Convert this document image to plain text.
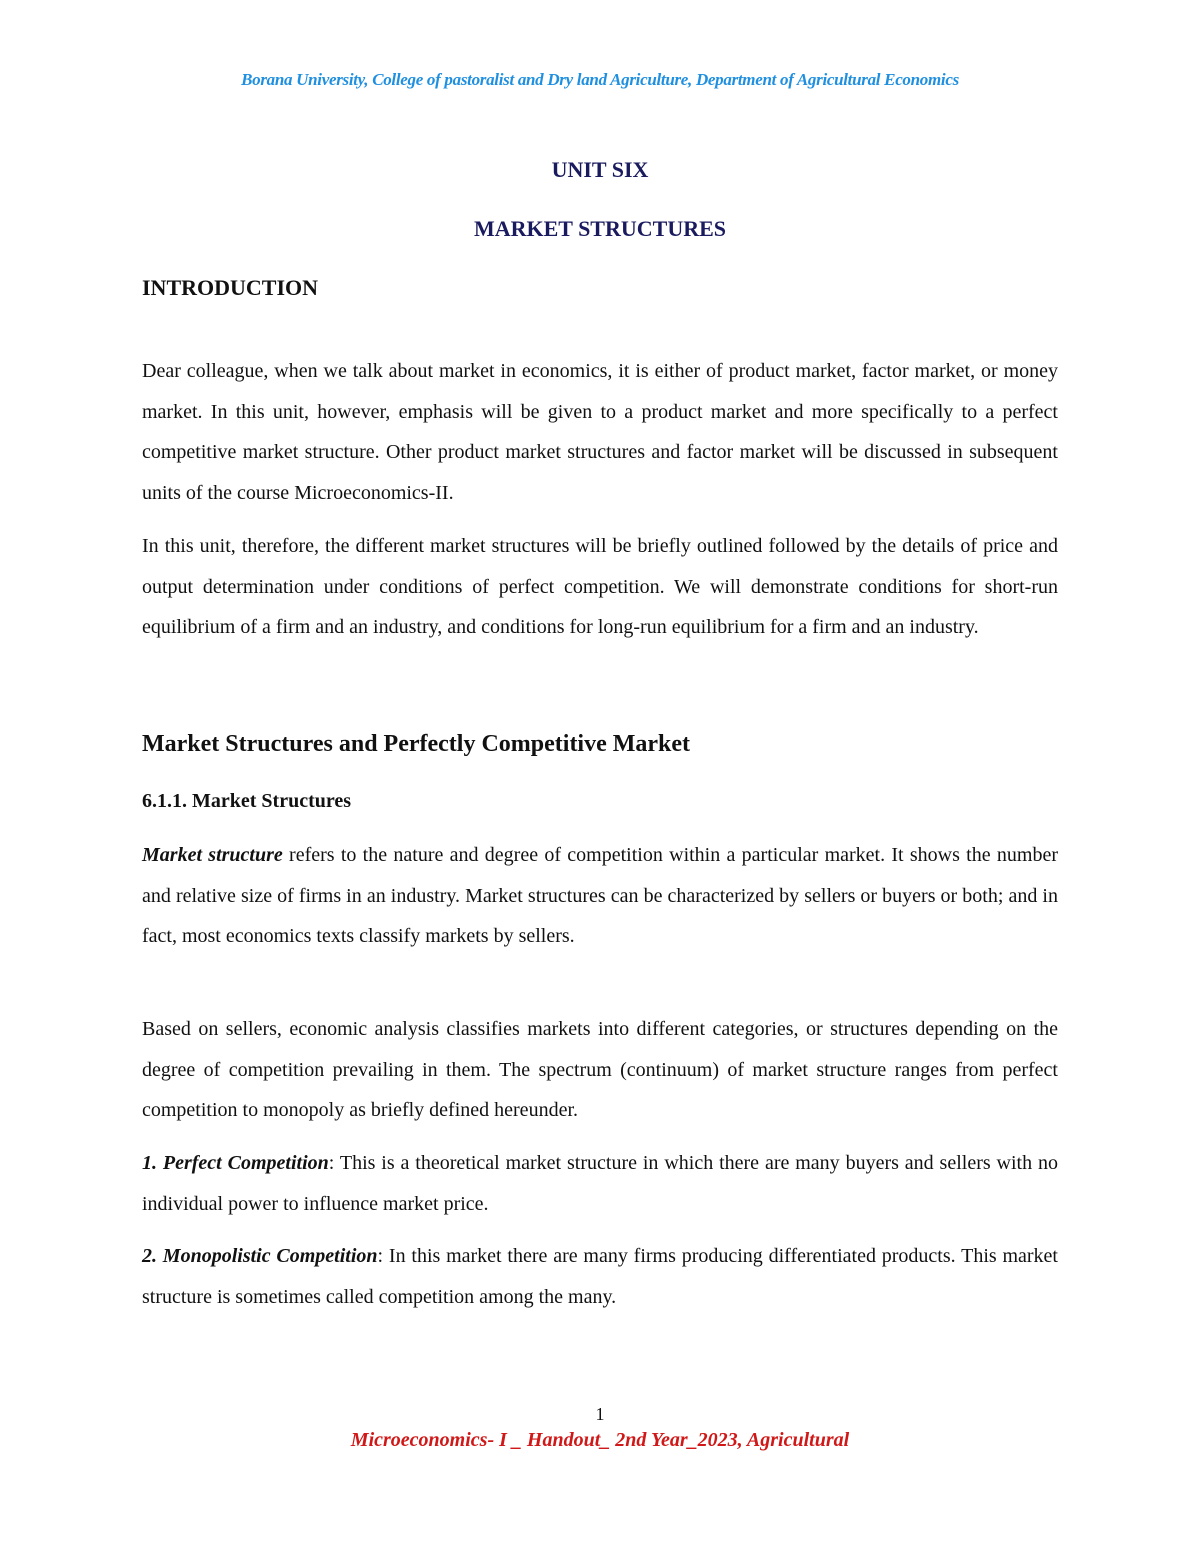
Borana University, College of pastoralist and Dry land Agriculture, Department of Agricultural Economics
UNIT SIX
MARKET STRUCTURES
INTRODUCTION

Dear colleague, when we talk about market in economics, it is either of product market, factor market, or money market. In this unit, however, emphasis will be given to a product market and more specifically to a perfect competitive market structure. Other product market structures and factor market will be discussed in subsequent units of the course Microeconomics-II.

In this unit, therefore, the different market structures will be briefly outlined followed by the details of price and output determination under conditions of perfect competition. We will demonstrate conditions for short-run equilibrium of a firm and an industry, and conditions for long-run equilibrium for a firm and an industry.

Market Structures and Perfectly Competitive Market
6.1.1. Market Structures

Market structure refers to the nature and degree of competition within a particular market. It shows the number and relative size of firms in an industry. Market structures can be characterized by sellers or buyers or both; and in fact, most economics texts classify markets by sellers.

Based on sellers, economic analysis classifies markets into different categories, or structures depending on the degree of competition prevailing in them. The spectrum (continuum) of market structure ranges from perfect competition to monopoly as briefly defined hereunder.

1. Perfect Competition: This is a theoretical market structure in which there are many buyers and sellers with no individual power to influence market price.

2. Monopolistic Competition: In this market there are many firms producing differentiated products. This market structure is sometimes called competition among the many.

1
Microeconomics- I _ Handout_ 2nd Year_2023, Agricultural
